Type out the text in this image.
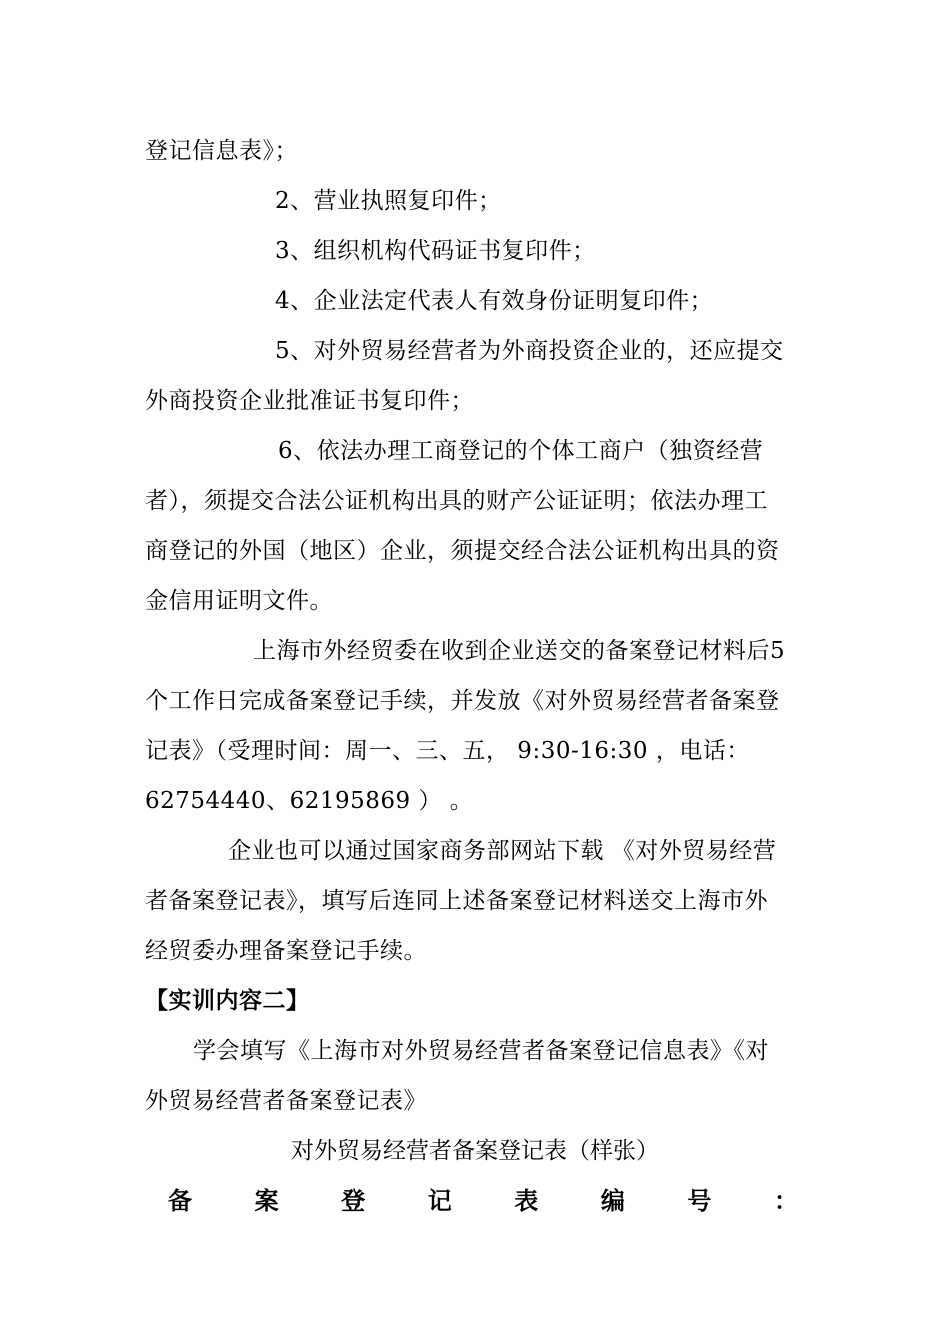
登记信息表》；
2、营业执照复印件；
3、组织机构代码证书复印件；
4、企业法定代表人有效身份证明复印件；
5、对外贸易经营者为外商投资企业的，还应提交
外商投资企业批准证书复印件；
6、依法办理工商登记的个体工商户（独资经营
者），须提交合法公证机构出具的财产公证证明；依法办理工
商登记的外国（地区）企业，须提交经合法公证机构出具的资
金信用证明文件。
上海市外经贸委在收到企业送交的备案登记材料后5
个工作日完成备案登记手续，并发放《对外贸易经营者备案登
记表》（受理时间：周一、三、五， 9:30-16:30 ，电话：
62754440、62195869 ） 。
企业也可以通过国家商务部网站下载 《对外贸易经营
者备案登记表》，填写后连同上述备案登记材料送交上海市外
经贸委办理备案登记手续。
【实训内容二】
学会填写《上海市对外贸易经营者备案登记信息表》《对
外贸易经营者备案登记表》
对外贸易经营者备案登记表（样张）
备	案	登	记	表	编	号	：
